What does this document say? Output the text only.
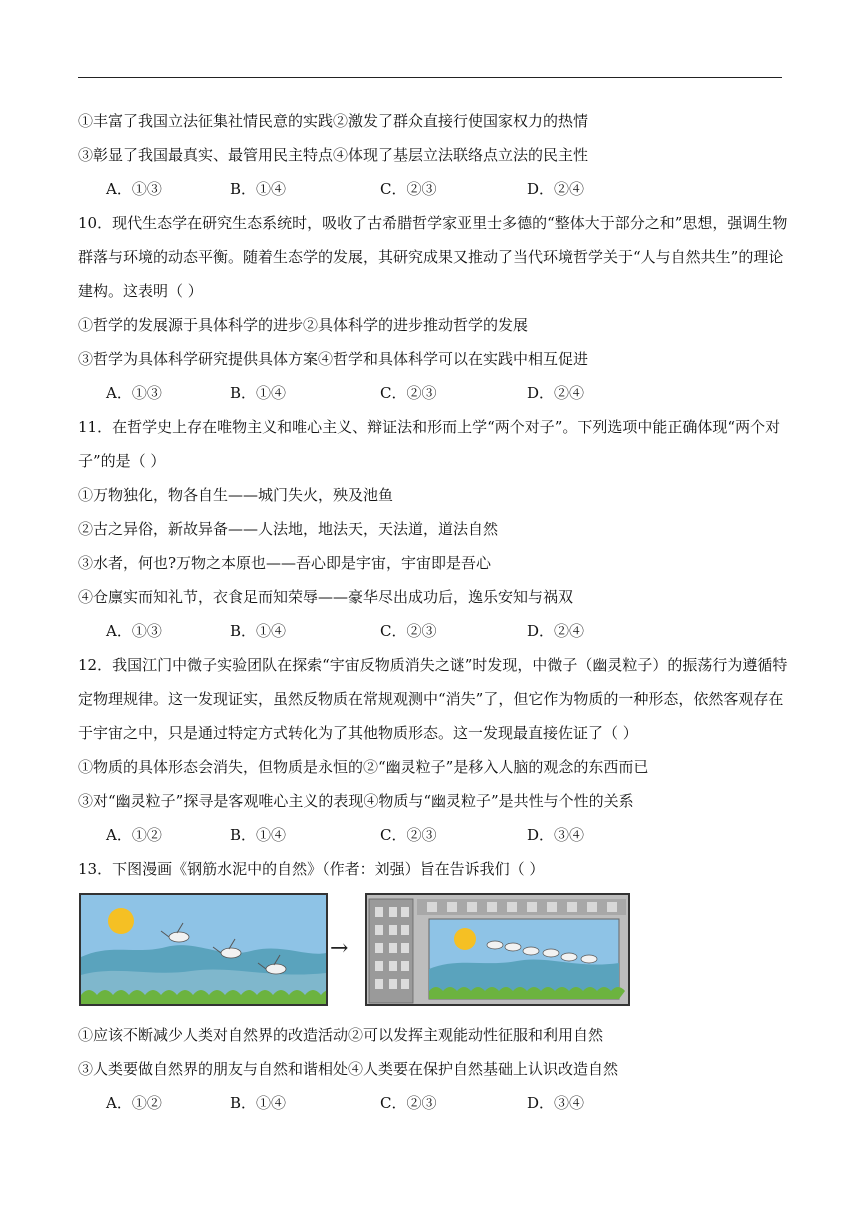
①丰富了我国立法征集社情民意的实践②激发了群众直接行使国家权力的热情
③彰显了我国最真实、最管用民主特点④体现了基层立法联络点立法的民主性
A．①③	B．①④	C．②③	D．②④
10．现代生态学在研究生态系统时，吸收了古希腊哲学家亚里士多德的“整体大于部分之和”思想，强调生物
群落与环境的动态平衡。随着生态学的发展，其研究成果又推动了当代环境哲学关于“人与自然共生”的理论
建构。这表明（ ）
①哲学的发展源于具体科学的进步②具体科学的进步推动哲学的发展
③哲学为具体科学研究提供具体方案④哲学和具体科学可以在实践中相互促进
A．①③	B．①④	C．②③	D．②④
11．在哲学史上存在唯物主义和唯心主义、辩证法和形而上学“两个对子”。下列选项中能正确体现“两个对
子”的是（ ）
①万物独化，物各自生——城门失火，殃及池鱼
②古之异俗，新故异备——人法地，地法天，天法道，道法自然
③水者，何也?万物之本原也——吾心即是宇宙，宇宙即是吾心
④仓廪实而知礼节，衣食足而知荣辱——豪华尽出成功后，逸乐安知与祸双
A．①③	B．①④	C．②③	D．②④
12．我国江门中微子实验团队在探索“宇宙反物质消失之谜”时发现，中微子（幽灵粒子）的振荡行为遵循特
定物理规律。这一发现证实，虽然反物质在常规观测中“消失”了，但它作为物质的一种形态，依然客观存在
于宇宙之中，只是通过特定方式转化为了其他物质形态。这一发现最直接佐证了（ ）
①物质的具体形态会消失，但物质是永恒的②“幽灵粒子”是移入人脑的观念的东西而已
③对“幽灵粒子”探寻是客观唯心主义的表现④物质与“幽灵粒子”是共性与个性的关系
A．①②	B．①④	C．②③	D．③④
13．下图漫画《钢筋水泥中的自然》（作者：刘强）旨在告诉我们（ ）
→
①应该不断减少人类对自然界的改造活动②可以发挥主观能动性征服和利用自然
③人类要做自然界的朋友与自然和谐相处④人类要在保护自然基础上认识改造自然
A．①②	B．①④	C．②③	D．③④
